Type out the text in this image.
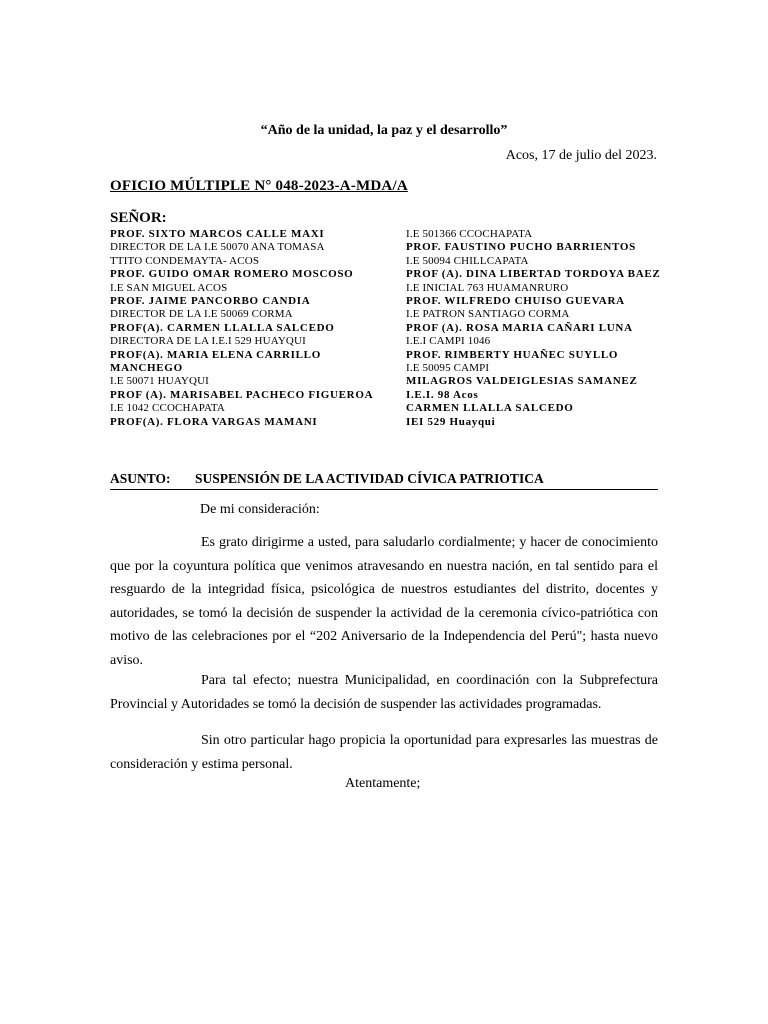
“Año de la unidad, la paz y el desarrollo”
Acos, 17 de julio del 2023.
OFICIO MÚLTIPLE N° 048-2023-A-MDA/A
SEÑOR:
PROF. SIXTO MARCOS CALLE MAXI
DIRECTOR DE LA I.E 50070 ANA TOMASA
TTITO CONDEMAYTA- ACOS
PROF. GUIDO OMAR ROMERO MOSCOSO
I.E SAN MIGUEL ACOS
PROF. JAIME PANCORBO CANDIA
DIRECTOR DE LA I.E 50069 CORMA
PROF(A). CARMEN LLALLA SALCEDO
DIRECTORA DE LA I.E.I 529 HUAYQUI
PROF(A). MARIA ELENA CARRILLO MANCHEGO
I.E 50071 HUAYQUI
PROF (A). MARISABEL PACHECO FIGUEROA
I.E 1042 CCOCHAPATA
PROF(A). FLORA VARGAS MAMANI
I.E 501366 CCOCHAPATA
PROF. FAUSTINO PUCHO BARRIENTOS
I.E 50094 CHILLCAPATA
PROF (A). DINA LIBERTAD TORDOYA BAEZ
I.E INICIAL 763 HUAMANRURO
PROF. WILFREDO CHUISO GUEVARA
I.E PATRON SANTIAGO CORMA
PROF (A). ROSA MARIA CAÑARI LUNA
I.E.I CAMPI 1046
PROF. RIMBERTY HUAÑEC SUYLLO
I.E 50095 CAMPI
MILAGROS VALDEIGLESIAS SAMANEZ
I.E.I. 98 Acos
CARMEN LLALLA SALCEDO
IEI 529 Huayqui
ASUNTO: SUSPENSIÓN DE LA ACTIVIDAD CÍVICA PATRIOTICA
De mi consideración:
Es grato dirigirme a usted, para saludarlo cordialmente; y hacer de conocimiento que por la coyuntura política que venimos atravesando en nuestra nación, en tal sentido para el resguardo de la integridad física, psicológica de nuestros estudiantes del distrito, docentes y autoridades, se tomó la decisión de suspender la actividad de la ceremonia cívico-patriótica con motivo de las celebraciones por el “202 Aniversario de la Independencia del Perú"; hasta nuevo aviso.
Para tal efecto; nuestra Municipalidad, en coordinación con la Subprefectura Provincial y Autoridades se tomó la decisión de suspender las actividades programadas.
Sin otro particular hago propicia la oportunidad para expresarles las muestras de consideración y estima personal.
Atentamente;
